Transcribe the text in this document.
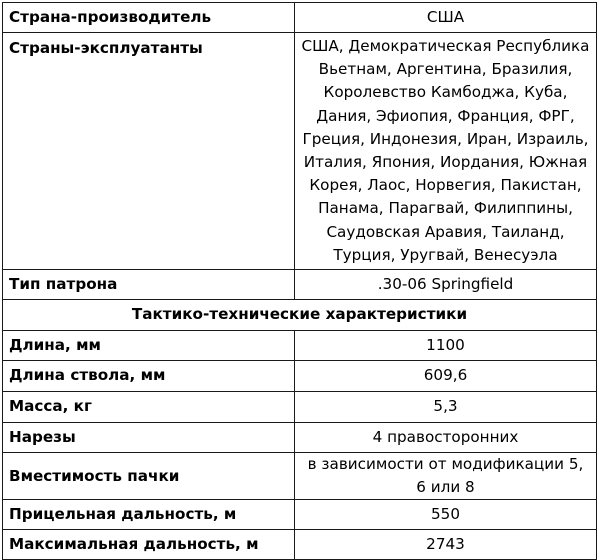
Страна-производитель	США
Страны-эксплуатанты	США, Демократическая Республика Вьетнам, Аргентина, Бразилия, Королевство Камбоджа, Куба, Дания, Эфиопия, Франция, ФРГ, Греция, Индонезия, Иран, Израиль, Италия, Япония, Иордания, Южная Корея, Лаос, Норвегия, Пакистан, Панама, Парагвай, Филиппины, Саудовская Аравия, Таиланд, Турция, Уругвай, Венесуэла
Тип патрона	.30-06 Springfield
Тактико-технические характеристики	
Длина, мм	1100
Длина ствола, мм	609,6
Масса, кг	5,3
Нарезы	4 правосторонних
Вместимость пачки	в зависимости от модификации 5, 6 или 8
Прицельная дальность, м	550
Максимальная дальность, м	2743
